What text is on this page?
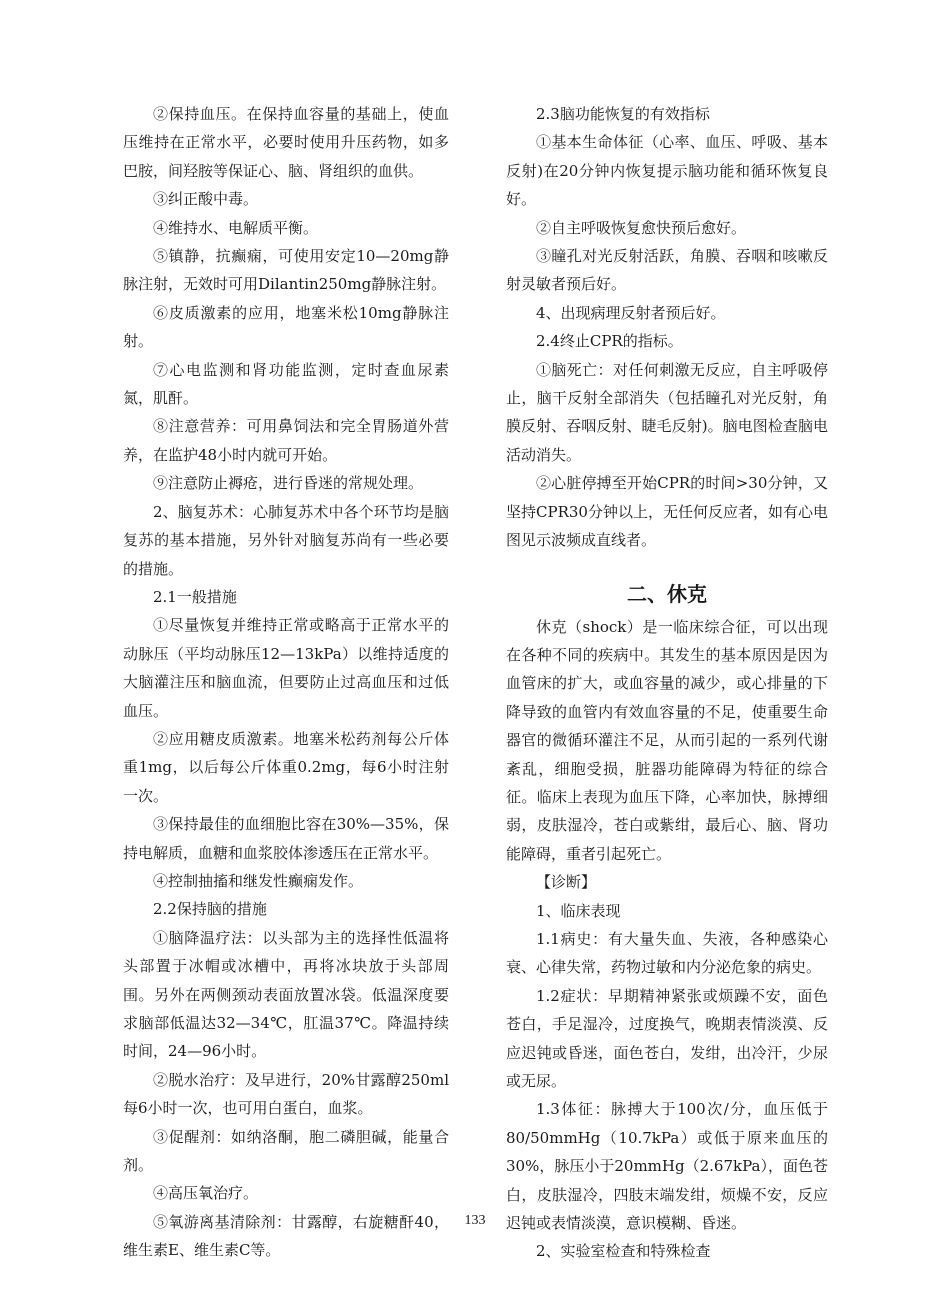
②保持血压。在保持血容量的基础上，使血压维持在正常水平，必要时使用升压药物，如多巴胺，间羟胺等保证心、脑、肾组织的血供。

③纠正酸中毒。

④维持水、电解质平衡。

⑤镇静，抗癫痫，可使用安定10—20mg静脉注射，无效时可用Dilantin250mg静脉注射。

⑥皮质激素的应用，地塞米松10mg静脉注射。

⑦心电监测和肾功能监测，定时查血尿素氮，肌酐。

⑧注意营养：可用鼻饲法和完全胃肠道外营养，在监护48小时内就可开始。

⑨注意防止褥疮，进行昏迷的常规处理。

2、脑复苏术：心肺复苏术中各个环节均是脑复苏的基本措施，另外针对脑复苏尚有一些必要的措施。

2.1一般措施

①尽量恢复并维持正常或略高于正常水平的动脉压（平均动脉压12—13kPa）以维持适度的大脑灌注压和脑血流，但要防止过高血压和过低血压。

②应用糖皮质激素。地塞米松药剂每公斤体重1mg，以后每公斤体重0.2mg，每6小时注射一次。

③保持最佳的血细胞比容在30%—35%，保持电解质，血糖和血浆胶体渗透压在正常水平。

④控制抽搐和继发性癫痫发作。

2.2保持脑的措施

①脑降温疗法：以头部为主的选择性低温将头部置于冰帽或冰槽中，再将冰块放于头部周围。另外在两侧颈动表面放置冰袋。低温深度要求脑部低温达32—34℃，肛温37℃。降温持续时间，24—96小时。

②脱水治疗：及早进行，20%甘露醇250ml每6小时一次，也可用白蛋白，血浆。

③促醒剂：如纳洛酮，胞二磷胆碱，能量合剂。

④高压氧治疗。

⑤氧游离基清除剂：甘露醇，右旋糖酐40，维生素E、维生素C等。

2.3脑功能恢复的有效指标

①基本生命体征（心率、血压、呼吸、基本反射)在20分钟内恢复提示脑功能和循环恢复良好。

②自主呼吸恢复愈快预后愈好。

③瞳孔对光反射活跃，角膜、吞咽和咳嗽反射灵敏者预后好。

4、出现病理反射者预后好。

2.4终止CPR的指标。

①脑死亡：对任何刺激无反应，自主呼吸停止，脑干反射全部消失（包括瞳孔对光反射，角膜反射、吞咽反射、睫毛反射)。脑电图检查脑电活动消失。

②心脏停搏至开始CPR的时间>30分钟，又坚持CPR30分钟以上，无任何反应者，如有心电图见示波频成直线者。

二、休克

休克（shock）是一临床综合征，可以出现在各种不同的疾病中。其发生的基本原因是因为血管床的扩大，或血容量的减少，或心排量的下降导致的血管内有效血容量的不足，使重要生命器官的微循环灌注不足，从而引起的一系列代谢紊乱，细胞受损，脏器功能障碍为特征的综合征。临床上表现为血压下降，心率加快，脉搏细弱，皮肤湿冷，苍白或紫绀，最后心、脑、肾功能障碍，重者引起死亡。

【诊断】

1、临床表现

1.1病史：有大量失血、失液，各种感染心衰、心律失常，药物过敏和内分泌危象的病史。

1.2症状：早期精神紧张或烦躁不安，面色苍白，手足湿冷，过度换气，晚期表情淡漠、反应迟钝或昏迷，面色苍白，发绀，出冷汗，少尿或无尿。

1.3体征：脉搏大于100次/分，血压低于80/50mmHg（10.7kPa）或低于原来血压的30%，脉压小于20mmHg（2.67kPa），面色苍白，皮肤湿冷，四肢末端发绀，烦燥不安，反应迟钝或表情淡漠，意识模糊、昏迷。

2、实验室检查和特殊检查

133
